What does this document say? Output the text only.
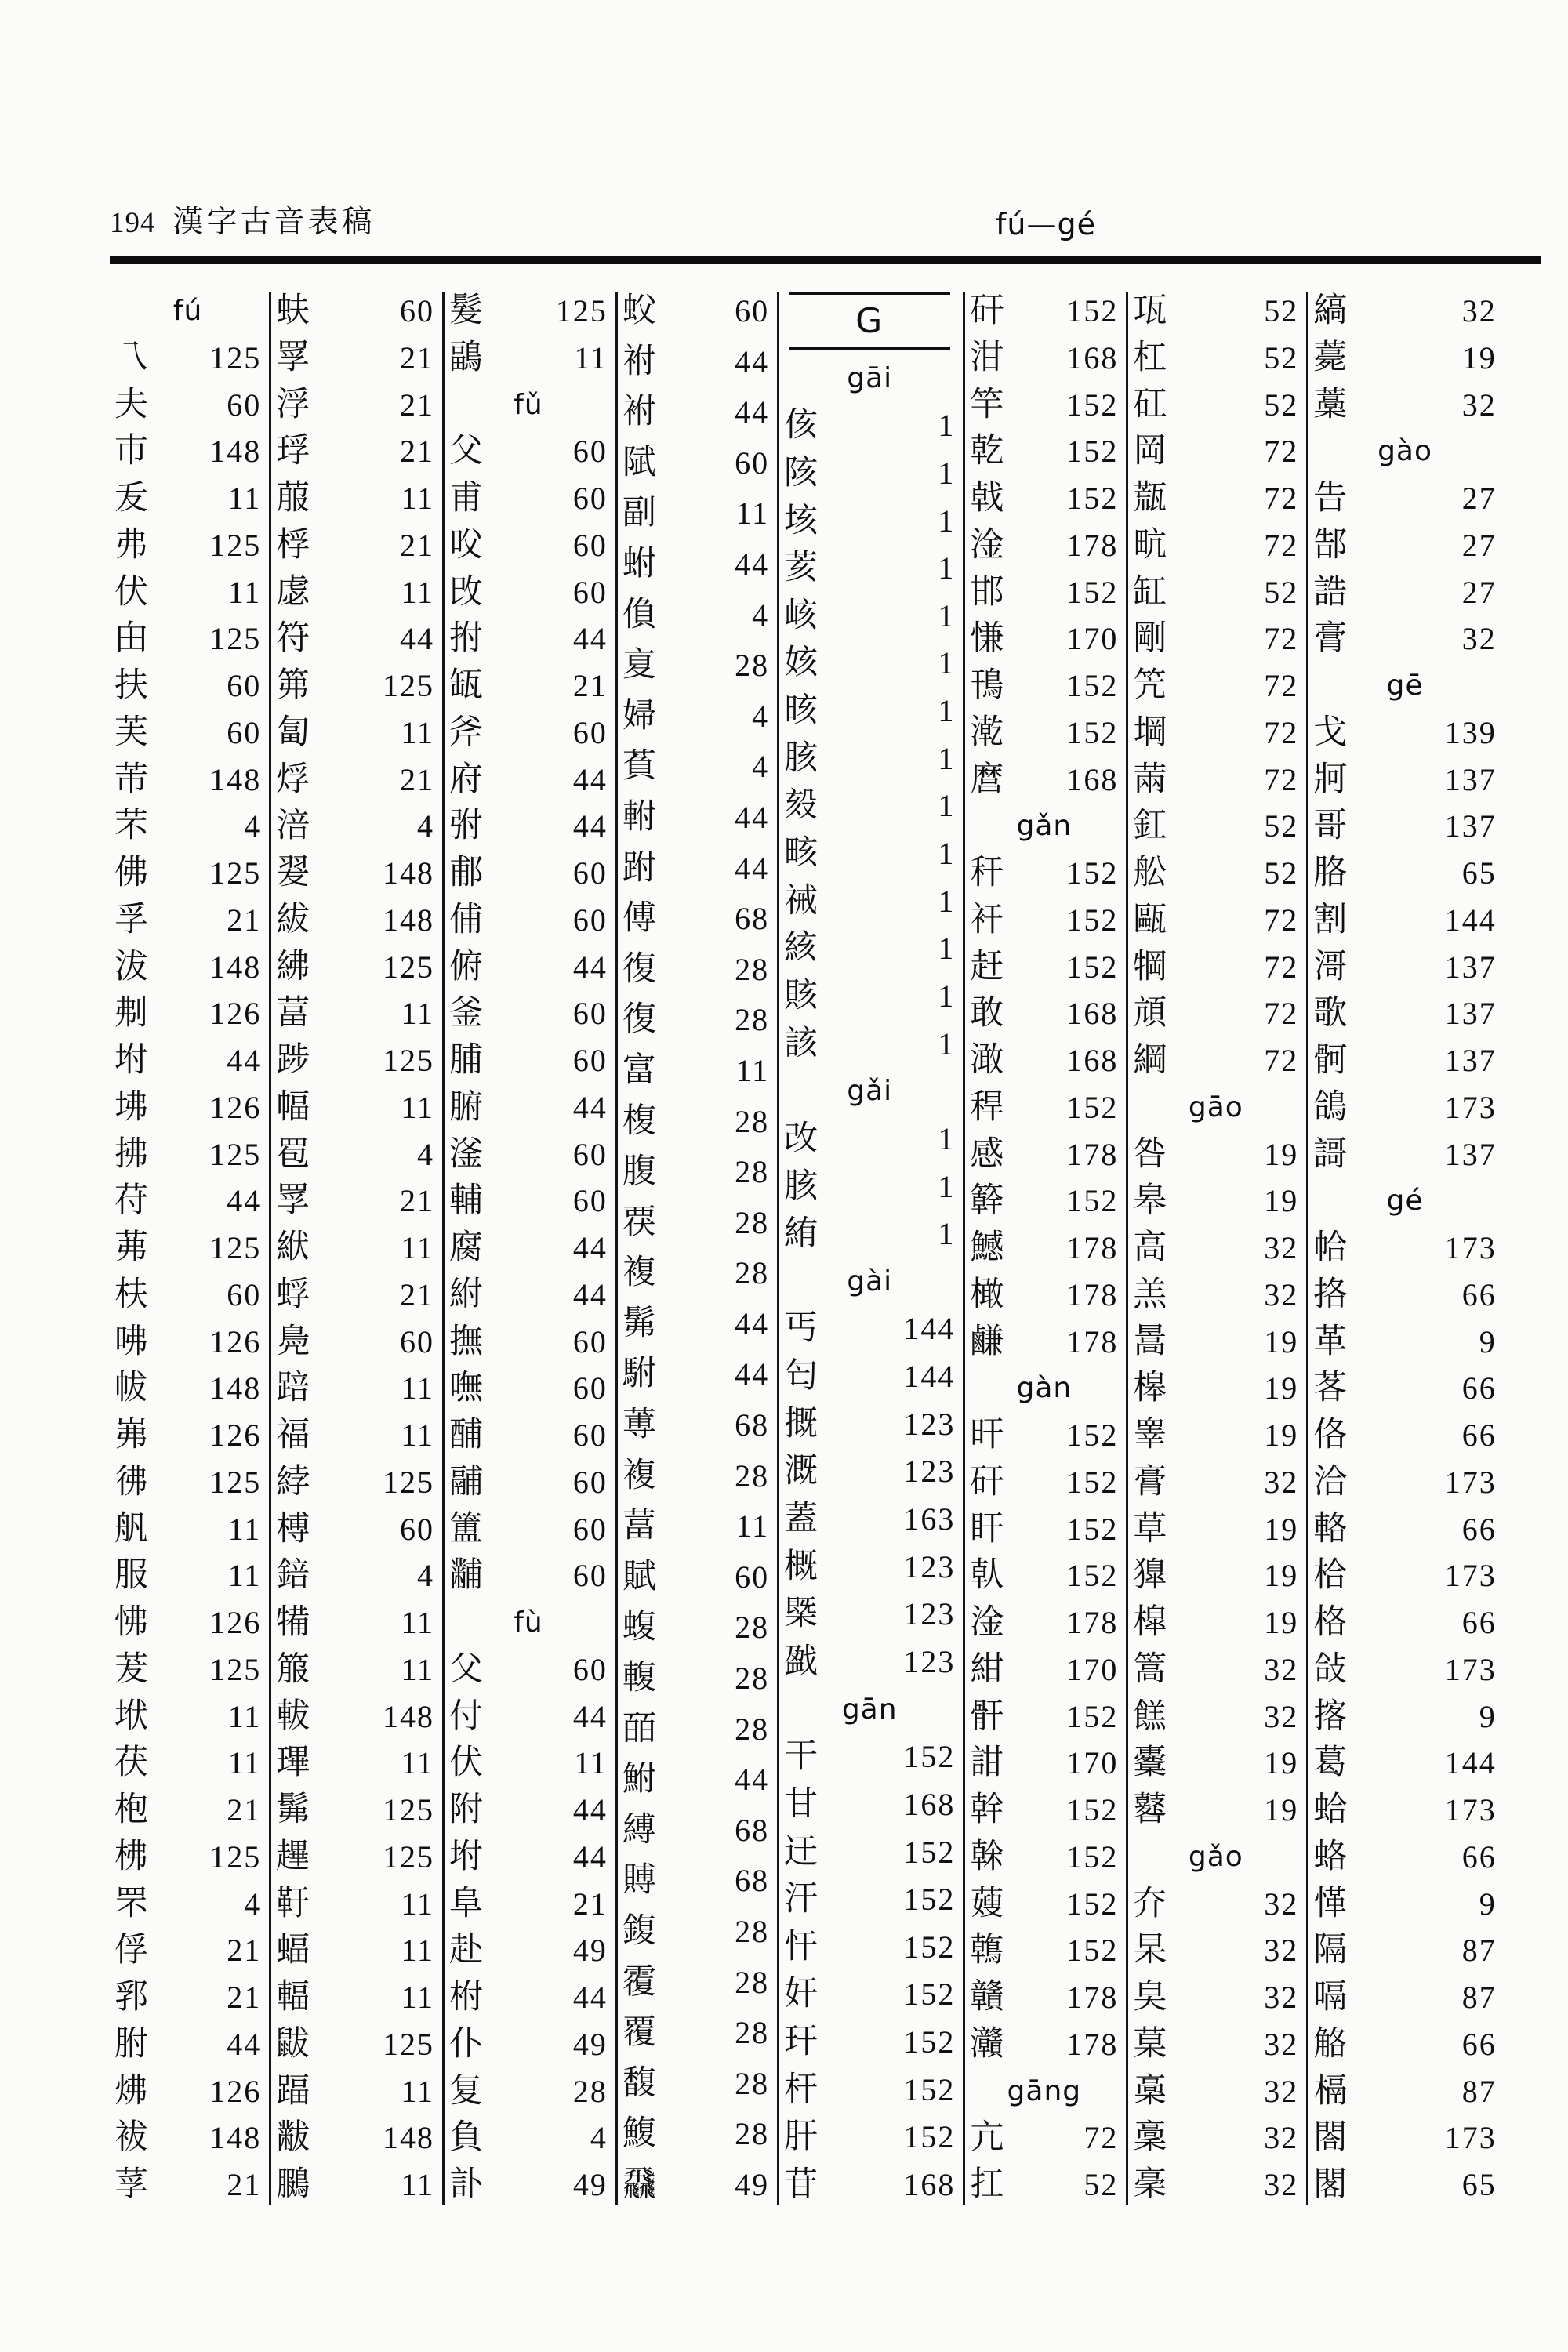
194 漢字古音表稿	fú—gé
fú
乁 125
夫	60
巿 148
叐	11
弗 125
伏	11
甶 125
扶	60
芙	60
芾 148
芣	4
佛 125
孚	21
沷 148
刜 126
坿	44
坲 126
拂 125
苻	44
茀 125
枎	60
咈 126
帗 148
岪 126
彿 125
舤	11
服	11
怫 126
茇 125
垘	11
茯	11
枹	21
柫 125
罘	4
俘	21
郛	21
胕	44
炥 126
袚 148
莩	21
蚨	60
罦	21
浮	21
琈	21
菔	11
桴	21
虙	11
符	44
笰 125
匐	11
烰	21
涪	4
翇 148
紱 148
紼 125
葍	11
踄 125
幅	11
䍖	4
罦	21
絥	11
蜉	21
鳧	60
踣	11
福	11
綍 125
榑	60
錇	4
犕	11
箙	11
軷 148
㻫	11
髴 125
䟆 125
䩒	11
蝠	11
輻	11
鼥 125
踾	11
黻 148
鵩	11
髮 125
鶝	11
fǔ
父	60
甫	60
㕮	60
攺	60
拊	44
缻	21
斧	60
府	44
弣	44
郙	60
俌	60
俯	44
釜	60
脯	60
腑	44
滏	60
輔	60
腐	44
紨	44
撫	60
嘸	60
酺	60
鬴	60
簠	60
黼	60
fù
父	60
付	44
伏	11
附	44
坿	44
阜	21
赴	49
柎	44
仆	49
复	28
負	4
訃	49
蚥	60
祔	44
袝	44
陚	60
副	11
蚹	44
偩	4
㚆	28
婦	4
萯	4
軵	44
跗	44
傅	68
復	28
復	28
富	11
椱	28
腹	28
覄	28
複	28
髴	44
駙	44
蒪	68
複	28
葍	11
賦	60
蝮	28
輹	28
皕	28
鮒	44
縛	68
賻	68
鍑	28
䨱	28
覆	28
馥	28
鰒	28
飝	49
G
gāi
侅	1
陔	1
垓	1
荄	1
峐	1
姟	1
晐	1
胲	1
㱾	1
畡	1
祴	1
絯	1
賅	1
該	1
gǎi
改	1
胲	1
絠	1
gài
丐	144
匄	144
摡	123
溉	123
蓋	163
概	123
槩	123
戤	123
gān
干	152
甘	168
迀	152
汗	152
忓	152
奸	152
玕	152
杆	152
肝	152
苷	168
矸 152
泔 168
竿 152
乾 152
戟 152
淦 178
邯 152
慊 170
鳱 152
漧 152
麿 168
gǎn
秆 152
衦 152
赶 152
敢 168
澉 168
稈 152
感 178
簳 152
鱤 178
橄 178
鹻 178
gàn
旰 152
矸 152
盰 152
倝 152
淦 178
紺 170
骭 152
詌 170
幹 152
榦 152
䕅 152
鶾 152
贛 178
灨 178
gāng
亢	72
扛	52
瓨	52
杠	52
矼	52
岡	72
㼹	72
㽘	72
缸	52
剛	72
笐	72
堈	72
䓣	72
釭	52
舩	52
甌	72
犅	72
頏	72
綱	72
gāo
咎	19
皋	19
高	32
羔	32
暠	19
槔	19
睾	19
膏	32
草	19
獋	19
槹	19
篙	32
餻	32
櫜	19
鼛	19
gǎo
夰	32
杲	32
㚖	32
菒	32
槀	32
稾	32
稁	32
縞	32
薧	19
藁	32
gào
告	27
郜	27
誥	27
膏	32
gē
戈	139
牁	137
哥	137
胳	65
割	144
滒	137
歌	137
䯊	137
鴿	173
謌	137
gé
帢	173
挌	66
革	9
茖	66
佫	66
洽	173
輅	66
㭘	173
格	66
敆	173
揢	9
葛	144
蛤	173
蛒	66
愅	9
隔	87
嗝	87
觡	66
槅	87
閤	173
閣	65
